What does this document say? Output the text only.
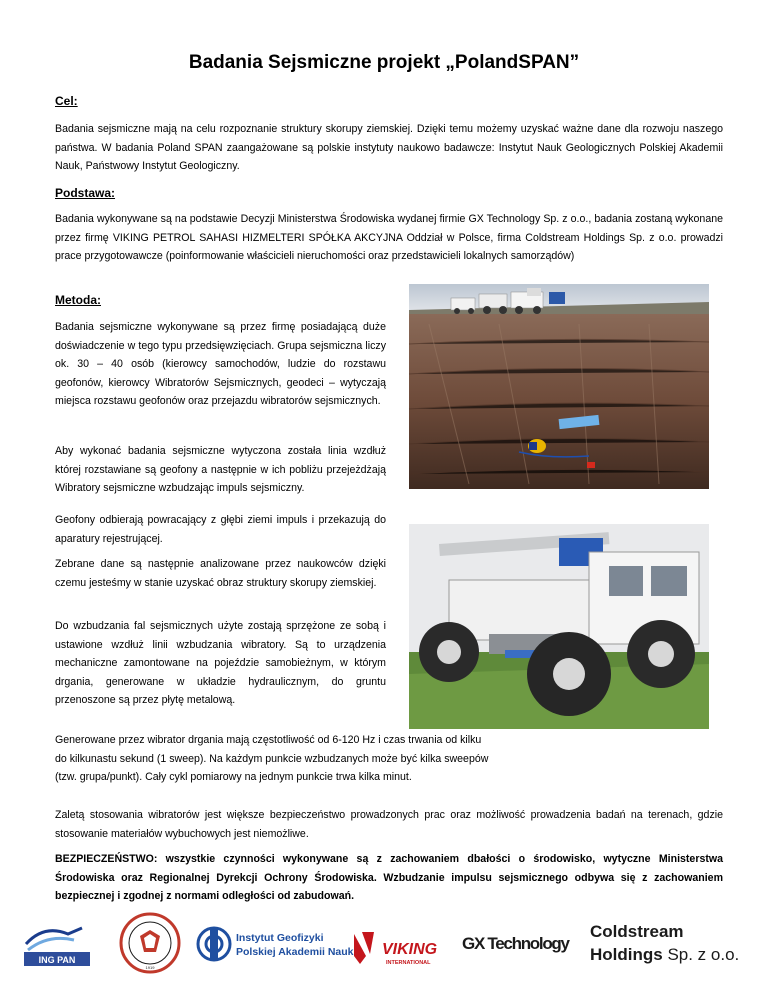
Badania Sejsmiczne projekt „PolandSPAN”
Cel:
Badania sejsmiczne mają na celu rozpoznanie struktury skorupy ziemskiej. Dzięki temu możemy uzyskać ważne dane dla rozwoju naszego państwa. W badania Poland SPAN zaangażowane są polskie instytuty naukowo badawcze: Instytut Nauk Geologicznych Polskiej Akademii Nauk, Państwowy Instytut Geologiczny.
Podstawa:
Badania wykonywane są na podstawie Decyzji Ministerstwa Środowiska wydanej firmie GX Technology Sp. z o.o., badania zostaną wykonane przez firmę VIKING PETROL SAHASI HIZMELTERI SPÓŁKA AKCYJNA Oddział w Polsce, firma Coldstream Holdings Sp. z o.o. prowadzi prace przygotowawcze (poinformowanie właścicieli nieruchomości oraz przedstawicieli lokalnych samorządów)
Metoda:
Badania sejsmiczne wykonywane są przez firmę posiadającą duże doświadczenie w tego typu przedsięwzięciach. Grupa sejsmiczna liczy ok. 30 – 40 osób (kierowcy samochodów, ludzie do rozstawu geofonów, kierowcy Wibratorów Sejsmicznych, geodeci – wytyczają miejsca rozstawu geofonów oraz przejazdu wibratorów sejsmicznych.
Aby wykonać badania sejsmiczne wytyczona została linia wzdłuż której rozstawiane są geofony a następnie w ich pobliżu przejeżdżają Wibratory sejsmiczne wzbudzając impuls sejsmiczny.
Geofony odbierają powracający z głębi ziemi impuls i przekazują do aparatury rejestrującej.
Zebrane dane są następnie analizowane przez naukowców dzięki czemu jesteśmy w stanie uzyskać obraz struktury skorupy ziemskiej.
Do wzbudzania fal sejsmicznych użyte zostają sprzężone ze sobą i ustawione wzdłuż linii wzbudzania wibratory. Są to urządzenia mechaniczne zamontowane na pojeździe samobieżnym, w którym drgania, generowane w układzie hydraulicznym, do gruntu przenoszone są przez płytę metalową.
Generowane przez wibrator drgania mają częstotliwość od 6-120 Hz i czas trwania od kilku do kilkunastu sekund (1 sweep). Na każdym punkcie wzbudzanych może być kilka sweepów (tzw. grupa/punkt). Cały cykl pomiarowy na jednym punkcie trwa kilka minut.
Zaletą stosowania wibratorów jest większe bezpieczeństwo prowadzonych prac oraz możliwość prowadzenia badań na terenach, gdzie stosowanie materiałów wybuchowych jest niemożliwe.
BEZPIECZEŃSTWO: wszystkie czynności wykonywane są z zachowaniem dbałości o środowisko, wytyczne Ministerstwa Środowiska oraz Regionalnej Dyrekcji Ochrony Środowiska. Wzbudzanie impulsu sejsmicznego odbywa się z zachowaniem bezpiecznej i zgodnej z normami odległości od zabudowań.
ING PAN
1919
Instytut Geofizyki
Polskiej Akademii Nauk VIKING
INTERNATIONAL
GX Technology
Coldstream
Holdings Sp. z o.o.
